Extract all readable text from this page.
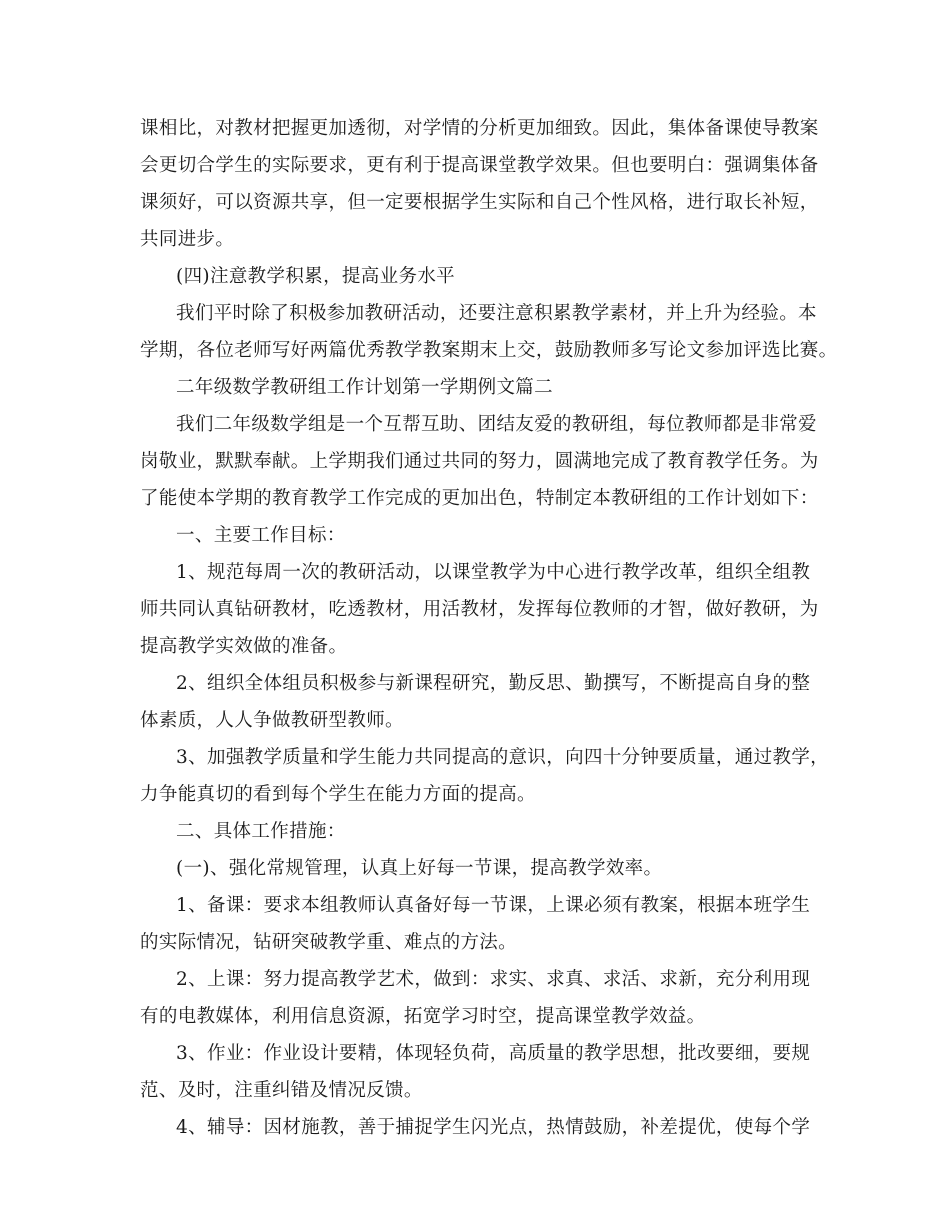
课相比，对教材把握更加透彻，对学情的分析更加细致。因此，集体备课使导教案
会更切合学生的实际要求，更有利于提高课堂教学效果。但也要明白：强调集体备
课须好，可以资源共享，但一定要根据学生实际和自己个性风格，进行取长补短，
共同进步。
(四)注意教学积累，提高业务水平
我们平时除了积极参加教研活动，还要注意积累教学素材，并上升为经验。本
学期，各位老师写好两篇优秀教学教案期末上交，鼓励教师多写论文参加评选比赛。
二年级数学教研组工作计划第一学期例文篇二
我们二年级数学组是一个互帮互助、团结友爱的教研组，每位教师都是非常爱
岗敬业，默默奉献。上学期我们通过共同的努力，圆满地完成了教育教学任务。为
了能使本学期的教育教学工作完成的更加出色，特制定本教研组的工作计划如下：
一、主要工作目标：
1、规范每周一次的教研活动，以课堂教学为中心进行教学改革，组织全组教
师共同认真钻研教材，吃透教材，用活教材，发挥每位教师的才智，做好教研，为
提高教学实效做的准备。
2、组织全体组员积极参与新课程研究，勤反思、勤撰写，不断提高自身的整
体素质，人人争做教研型教师。
3、加强教学质量和学生能力共同提高的意识，向四十分钟要质量，通过教学，
力争能真切的看到每个学生在能力方面的提高。
二、具体工作措施：
(一)、强化常规管理，认真上好每一节课，提高教学效率。
1、备课：要求本组教师认真备好每一节课，上课必须有教案，根据本班学生
的实际情况，钻研突破教学重、难点的方法。
2、上课：努力提高教学艺术，做到：求实、求真、求活、求新，充分利用现
有的电教媒体，利用信息资源，拓宽学习时空，提高课堂教学效益。
3、作业：作业设计要精，体现轻负荷，高质量的教学思想，批改要细，要规
范、及时，注重纠错及情况反馈。
4、辅导：因材施教，善于捕捉学生闪光点，热情鼓励，补差提优，使每个学
